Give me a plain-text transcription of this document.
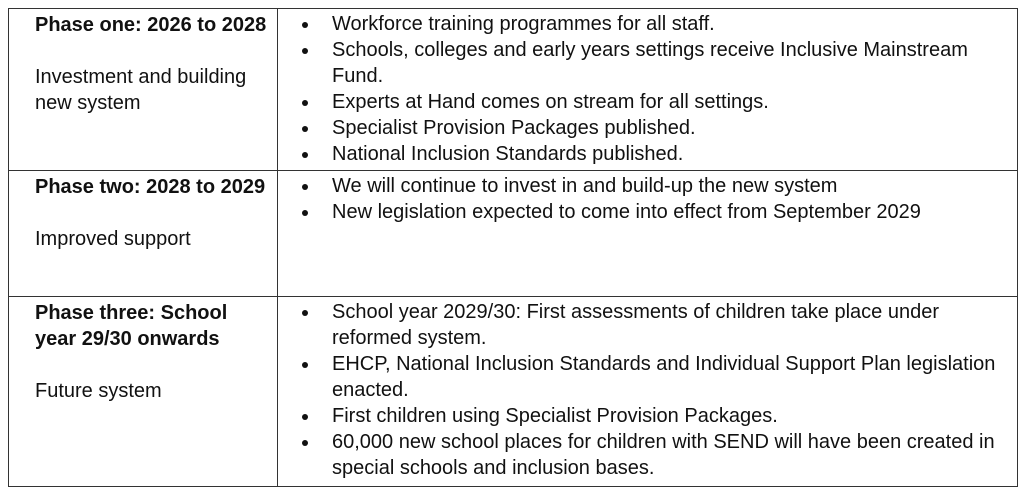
Phase one: 2026 to 2028

Investment and building new system
Workforce training programmes for all staff.
Schools, colleges and early years settings receive Inclusive Mainstream Fund.
Experts at Hand comes on stream for all settings.
Specialist Provision Packages published.
National Inclusion Standards published.

Phase two: 2028 to 2029

Improved support
We will continue to invest in and build-up the new system
New legislation expected to come into effect from September 2029

Phase three: School year 29/30 onwards

Future system
School year 2029/30: First assessments of children take place under reformed system.
EHCP, National Inclusion Standards and Individual Support Plan legislation enacted.
First children using Specialist Provision Packages.
60,000 new school places for children with SEND will have been created in special schools and inclusion bases.
